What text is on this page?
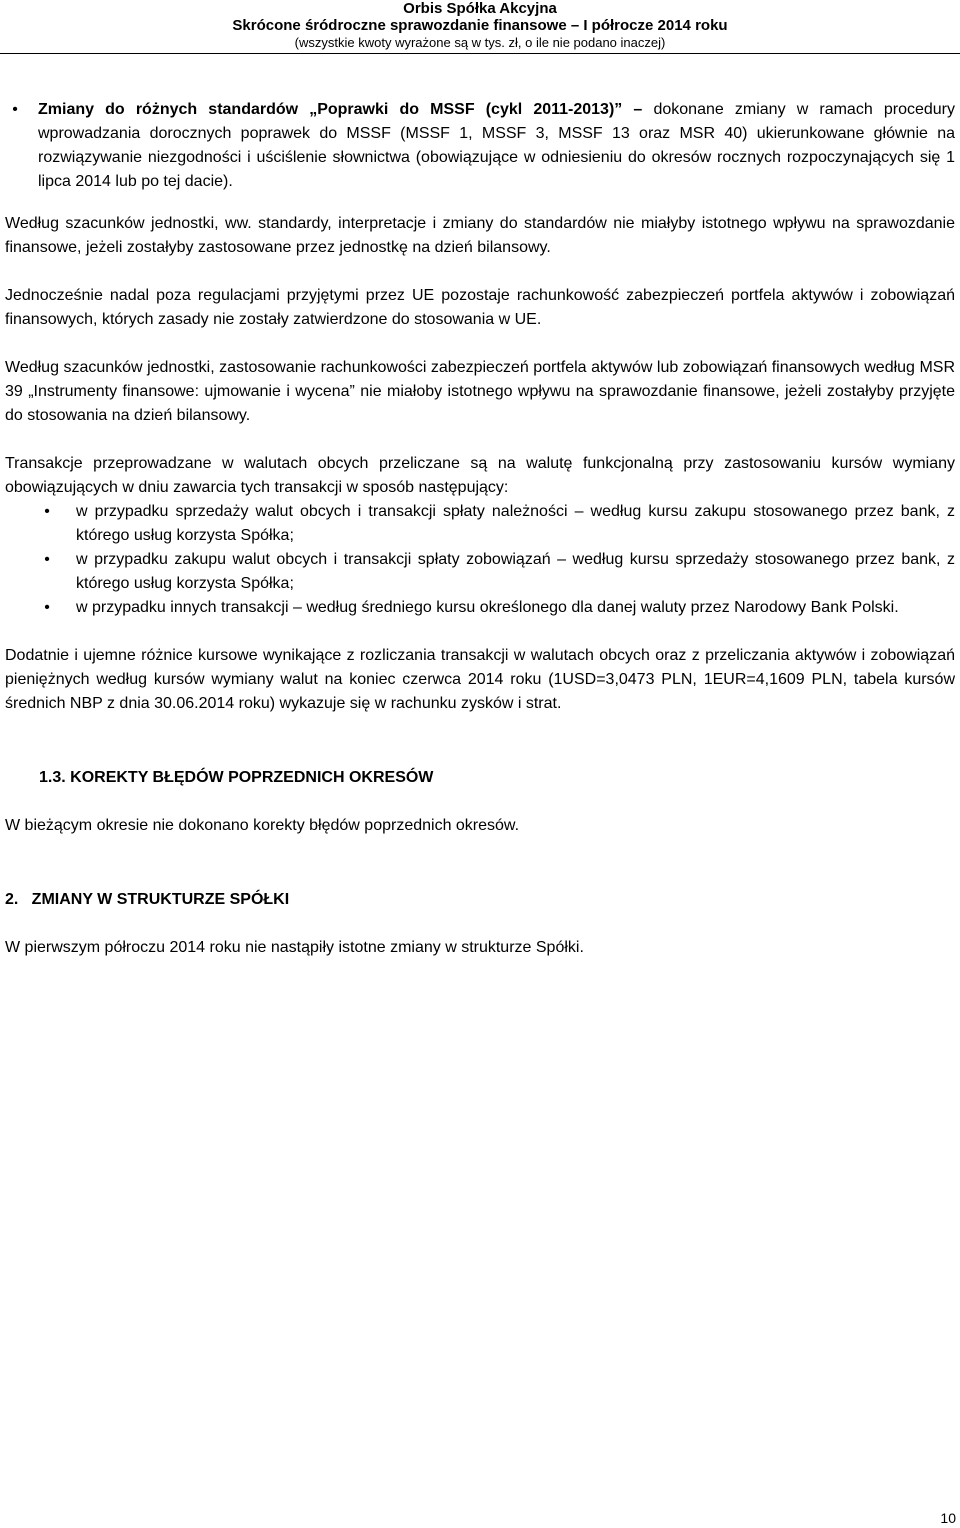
Orbis Spółka Akcyjna
Skrócone śródroczne sprawozdanie finansowe – I półrocze 2014 roku
(wszystkie kwoty wyrażone są w tys. zł, o ile nie podano inaczej)
•	Zmiany do różnych standardów „Poprawki do MSSF (cykl 2011-2013)” – dokonane zmiany w ramach procedury wprowadzania dorocznych poprawek do MSSF (MSSF 1, MSSF 3, MSSF 13 oraz MSR 40) ukierunkowane głównie na rozwiązywanie niezgodności i uściślenie słownictwa (obowiązujące w odniesieniu do okresów rocznych rozpoczynających się 1 lipca 2014 lub po tej dacie).

Według szacunków jednostki, ww. standardy, interpretacje i zmiany do standardów nie miałyby istotnego wpływu na sprawozdanie finansowe, jeżeli zostałyby zastosowane przez jednostkę na dzień bilansowy.

Jednocześnie nadal poza regulacjami przyjętymi przez UE pozostaje rachunkowość zabezpieczeń portfela aktywów i zobowiązań finansowych, których zasady nie zostały zatwierdzone do stosowania w UE.

Według szacunków jednostki, zastosowanie rachunkowości zabezpieczeń portfela aktywów lub zobowiązań finansowych według MSR 39 „Instrumenty finansowe: ujmowanie i wycena” nie miałoby istotnego wpływu na sprawozdanie finansowe, jeżeli zostałyby przyjęte do stosowania na dzień bilansowy.

Transakcje przeprowadzane w walutach obcych przeliczane są na walutę funkcjonalną przy zastosowaniu kursów wymiany obowiązujących w dniu zawarcia tych transakcji w sposób następujący:

•	w przypadku sprzedaży walut obcych i transakcji spłaty należności – według kursu zakupu stosowanego przez bank, z którego usług korzysta Spółka;
•	w przypadku zakupu walut obcych i transakcji spłaty zobowiązań – według kursu sprzedaży stosowanego przez bank, z którego usług korzysta Spółka;
•	w przypadku innych transakcji – według średniego kursu określonego dla danej waluty przez Narodowy Bank Polski.

Dodatnie i ujemne różnice kursowe wynikające z rozliczania transakcji w walutach obcych oraz z przeliczania aktywów i zobowiązań pieniężnych według kursów wymiany walut na koniec czerwca 2014 roku (1USD=3,0473 PLN, 1EUR=4,1609 PLN, tabela kursów średnich NBP z dnia 30.06.2014 roku) wykazuje się w rachunku zysków i strat.

1.3. KOREKTY BŁĘDÓW POPRZEDNICH OKRESÓW

W bieżącym okresie nie dokonano korekty błędów poprzednich okresów.

2.   ZMIANY W STRUKTURZE SPÓŁKI

W pierwszym półroczu 2014 roku nie nastąpiły istotne zmiany w strukturze Spółki.

10
